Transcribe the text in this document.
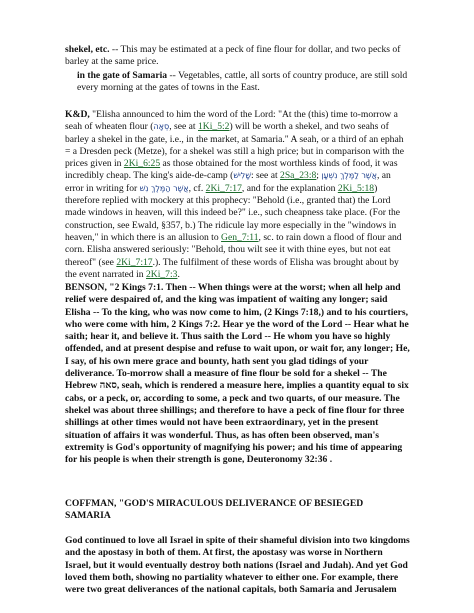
shekel, etc. -- This may be estimated at a peck of fine flour for dollar, and two pecks of barley at the same price.
in the gate of Samaria -- Vegetables, cattle, all sorts of country produce, are still sold every morning at the gates of towns in the East.
K&D, "Elisha announced to him the word of the Lord: "At the (this) time to-morrow a seah of wheaten flour (סְאָה, see at 1Ki_5:2) will be worth a shekel, and two seahs of barley a shekel in the gate, i.e., in the market, at Samaria." A seah, or a third of an ephah = a Dresden peck (Metze), for a shekel was still a high price; but in comparison with the prices given in 2Ki_6:25 as those obtained for the most worthless kinds of food, it was incredibly cheap. The king's aide-de-camp (שָׁלִישׁ: see at 2Sa_23:8; אֲשֶׁר לַמֶּלֶךְ נִשְׁעָן, an error in writing for אֲשֶׁר הַמֶּלֶךְ נִשׁ, cf. 2Ki_7:17, and for the explanation 2Ki_5:18) therefore replied with mockery at this prophecy: "Behold (i.e., granted that) the Lord made windows in heaven, will this indeed be?" i.e., such cheapness take place. (For the construction, see Ewald, §357, b.) The ridicule lay more especially in the "windows in heaven," in which there is an allusion to Gen_7:11, sc. to rain down a flood of flour and corn. Elisha answered seriously: "Behold, thou wilt see it with thine eyes, but not eat thereof" (see 2Ki_7:17.). The fulfilment of these words of Elisha was brought about by the event narrated in 2Ki_7:3.
BENSON, "2 Kings 7:1. Then -- When things were at the worst; when all help and relief were despaired of, and the king was impatient of waiting any longer; said Elisha -- To the king, who was now come to him, (2 Kings 7:18,) and to his courtiers, who were come with him, 2 Kings 7:2. Hear ye the word of the Lord -- Hear what he saith; hear it, and believe it. Thus saith the Lord -- He whom you have so highly offended, and at present despise and refuse to wait upon, or wait for, any longer; He, I say, of his own mere grace and bounty, hath sent you glad tidings of your deliverance. To-morrow shall a measure of fine flour be sold for a shekel -- The Hebrew סאה, seah, which is rendered a measure here, implies a quantity equal to six cabs, or a peck, or, according to some, a peck and two quarts, of our measure. The shekel was about three shillings; and therefore to have a peck of fine flour for three shillings at other times would not have been extraordinary, yet in the present situation of affairs it was wonderful. Thus, as has often been observed, man's extremity is God's opportunity of magnifying his power; and his time of appearing for his people is when their strength is gone, Deuteronomy 32:36 .
COFFMAN, "GOD'S MIRACULOUS DELIVERANCE OF BESIEGED SAMARIA
God continued to love all Israel in spite of their shameful division into two kingdoms and the apostasy in both of them. At first, the apostasy was worse in Northern Israel, but it would eventually destroy both nations (Israel and Judah). And yet God loved them both, showing no partiality whatever to either one. For example, there were two great deliverances of the national capitals, both Samaria and Jerusalem
